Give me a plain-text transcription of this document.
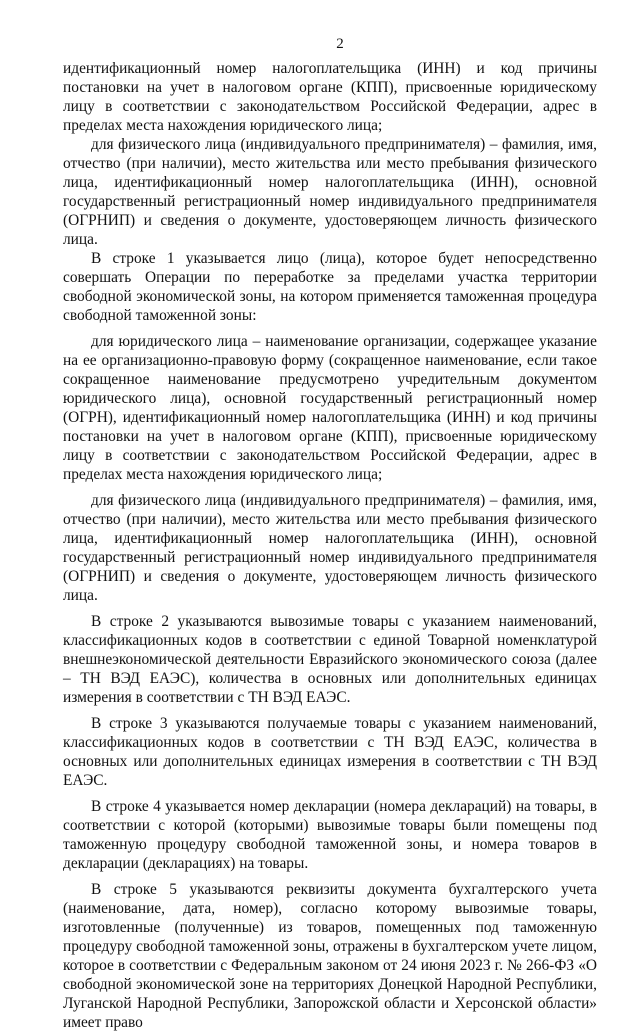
2

идентификационный номер налогоплательщика (ИНН) и код причины постановки на учет в налоговом органе (КПП), присвоенные юридическому лицу в соответствии с законодательством Российской Федерации, адрес в пределах места нахождения юридического лица;

для физического лица (индивидуального предпринимателя) – фамилия, имя, отчество (при наличии), место жительства или место пребывания физического лица, идентификационный номер налогоплательщика (ИНН), основной государственный регистрационный номер индивидуального предпринимателя (ОГРНИП) и сведения о документе, удостоверяющем личность физического лица.

В строке 1 указывается лицо (лица), которое будет непосредственно совершать Операции по переработке за пределами участка территории свободной экономической зоны, на котором применяется таможенная процедура свободной таможенной зоны:

для юридического лица – наименование организации, содержащее указание на ее организационно-правовую форму (сокращенное наименование, если такое сокращенное наименование предусмотрено учредительным документом юридического лица), основной государственный регистрационный номер (ОГРН), идентификационный номер налогоплательщика (ИНН) и код причины постановки на учет в налоговом органе (КПП), присвоенные юридическому лицу в соответствии с законодательством Российской Федерации, адрес в пределах места нахождения юридического лица;

для физического лица (индивидуального предпринимателя) – фамилия, имя, отчество (при наличии), место жительства или место пребывания физического лица, идентификационный номер налогоплательщика (ИНН), основной государственный регистрационный номер индивидуального предпринимателя (ОГРНИП) и сведения о документе, удостоверяющем личность физического лица.

В строке 2 указываются вывозимые товары с указанием наименований, классификационных кодов в соответствии с единой Товарной номенклатурой внешнеэкономической деятельности Евразийского экономического союза (далее – ТН ВЭД ЕАЭС), количества в основных или дополнительных единицах измерения в соответствии с ТН ВЭД ЕАЭС.

В строке 3 указываются получаемые товары с указанием наименований, классификационных кодов в соответствии с ТН ВЭД ЕАЭС, количества в основных или дополнительных единицах измерения в соответствии с ТН ВЭД ЕАЭС.

В строке 4 указывается номер декларации (номера деклараций) на товары, в соответствии с которой (которыми) вывозимые товары были помещены под таможенную процедуру свободной таможенной зоны, и номера товаров в декларации (декларациях) на товары.

В строке 5 указываются реквизиты документа бухгалтерского учета (наименование, дата, номер), согласно которому вывозимые товары, изготовленные (полученные) из товаров, помещенных под таможенную процедуру свободной таможенной зоны, отражены в бухгалтерском учете лицом, которое в соответствии с Федеральным законом от 24 июня 2023 г. № 266-ФЗ «О свободной экономической зоне на территориях Донецкой Народной Республики, Луганской Народной Республики, Запорожской области и Херсонской области» имеет право
